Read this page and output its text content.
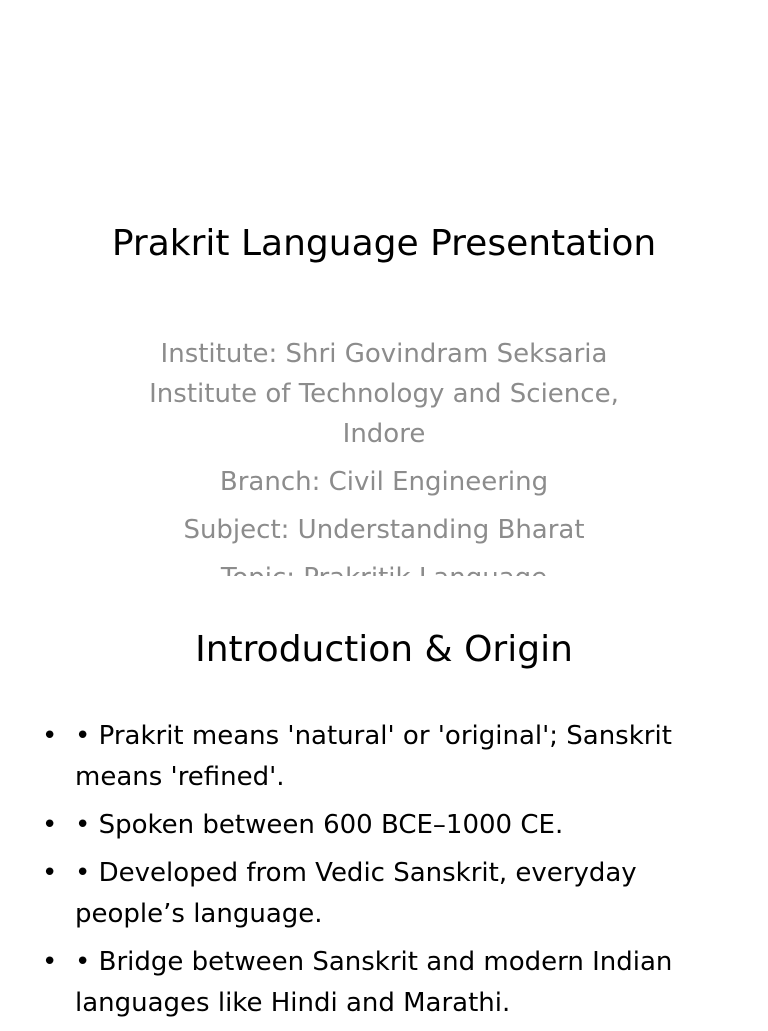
Prakrit Language Presentation

Institute: Shri Govindram Seksaria Institute of Technology and Science, Indore

Branch: Civil Engineering

Subject: Understanding Bharat

Introduction & Origin
• • Prakrit means 'natural' or 'original'; Sanskrit means 'refined'.
• • Spoken between 600 BCE–1000 CE.
• • Developed from Vedic Sanskrit, everyday people’s language.
• • Bridge between Sanskrit and modern Indian languages like Hindi and Marathi.
